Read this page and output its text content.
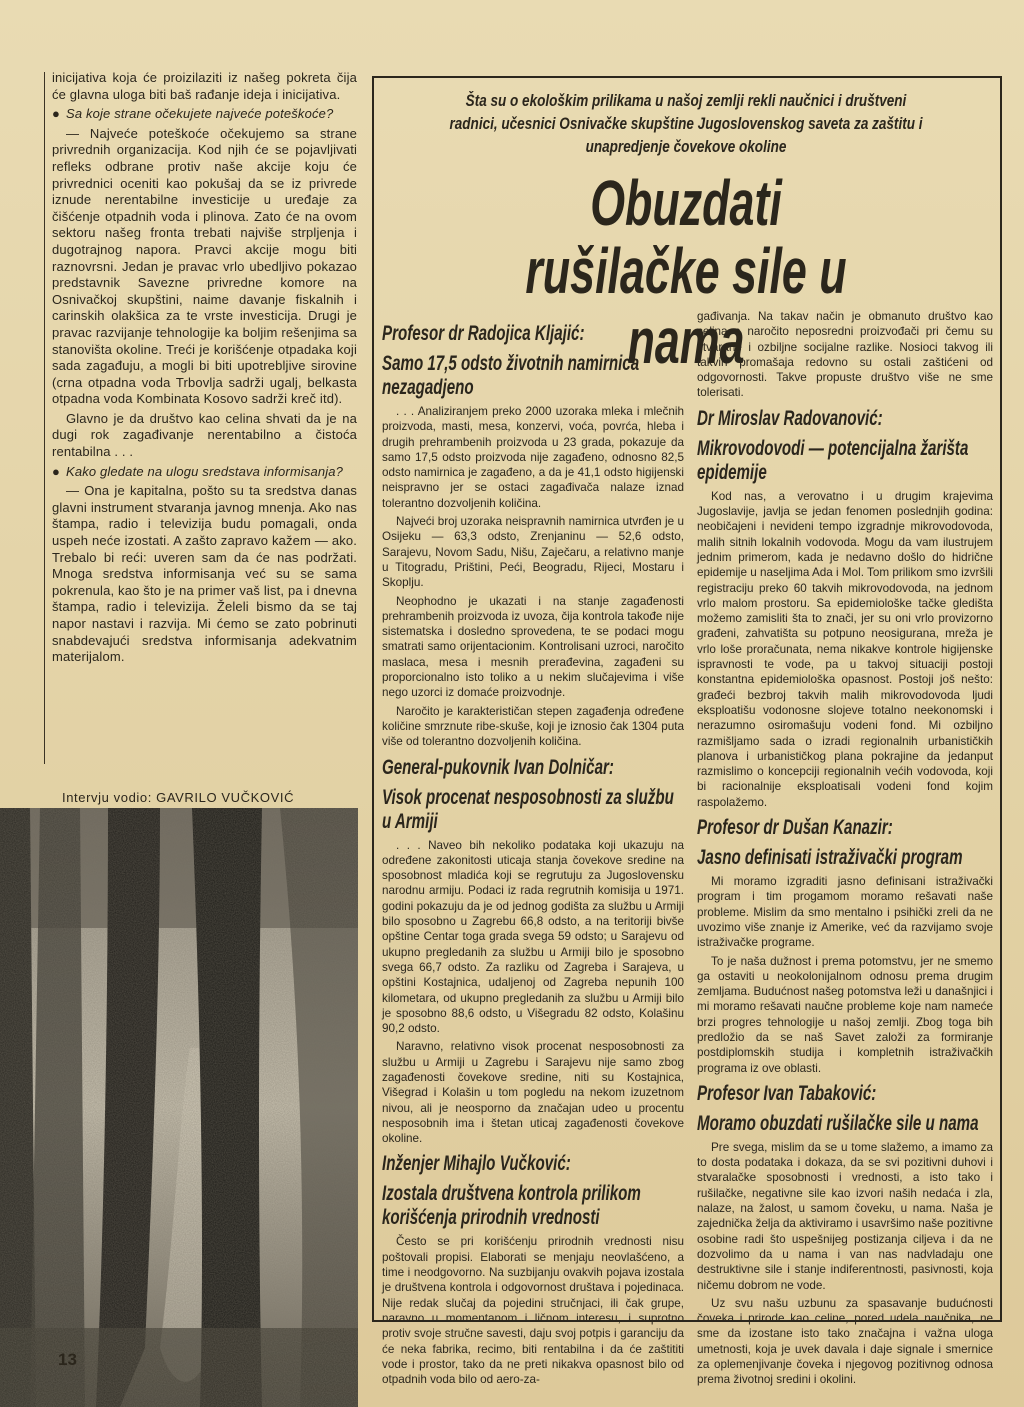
inicijativa koja će proizilaziti iz našeg pokreta čija će glavna uloga biti baš rađanje ideja i inicijativa.

● Sa koje strane očekujete najveće poteškoće?

— Najveće poteškoće očekujemo sa strane privrednih organizacija. Kod njih će se pojavljivati refleks odbrane protiv naše akcije koju će privrednici oceniti kao pokušaj da se iz privrede iznude nerentabilne investicije u uređaje za čišćenje otpadnih voda i plinova. Zato će na ovom sektoru našeg fronta trebati najviše strpljenja i dugotrajnog napora. Pravci akcije mogu biti raznovrsni. Jedan je pravac vrlo ubedljivo pokazao predstavnik Savezne privredne komore na Osnivačkoj skupštini, naime davanje fiskalnih i carinskih olakšica za te vrste investicija. Drugi je pravac razvijanje tehnologije ka boljim rešenjima sa stanovišta okoline. Treći je korišćenje otpadaka koji sada zagađuju, a mogli bi biti upotrebljive sirovine (crna otpadna voda Trbovlja sadrži ugalj, belkasta otpadna voda Kombinata Kosovo sadrži kreč itd).

Glavno je da društvo kao celina shvati da je na dugi rok zagađivanje nerentabilno a čistoća rentabilna . . .

● Kako gledate na ulogu sredstava informisanja?

— Ona je kapitalna, pošto su ta sredstva danas glavni instrument stvaranja javnog mnenja. Ako nas štampa, radio i televizija budu pomagali, onda uspeh neće izostati. A zašto zapravo kažem — ako. Trebalo bi reći: uveren sam da će nas podržati. Mnoga sredstva informisanja već su se sama pokrenula, kao što je na primer vaš list, pa i dnevna štampa, radio i televizija. Želeli bismo da se taj napor nastavi i razvija. Mi ćemo se zato pobrinuti snabdevajući sredstva informisanja adekvatnim materijalom.

Intervju vodio: GAVRILO VUČKOVIĆ
Šta su o ekološkim prilikama u našoj zemlji rekli naučnici i društveni radnici, učesnici Osnivačke skupštine Jugoslovenskog saveta za zaštitu i unapredjenje čovekove okoline
Obuzdati
rušilačke sile u nama
Profesor dr Radojica Kljajić:
Samo 17,5 odsto životnih namirnica nezagadjeno

. . . Analiziranjem preko 2000 uzoraka mleka i mlečnih proizvoda, masti, mesa, konzervi, voća, povrća, hleba i drugih prehrambenih proizvoda u 23 grada, pokazuje da samo 17,5 odsto proizvoda nije zagađeno, odnosno 82,5 odsto namirnica je zagađeno, a da je 41,1 odsto higijenski neispravno jer se ostaci zagađivača nalaze iznad tolerantno dozvoljenih količina.

Najveći broj uzoraka neispravnih namirnica utvrđen je u Osijeku — 63,3 odsto, Zrenjaninu — 52,6 odsto, Sarajevu, Novom Sadu, Nišu, Zaječaru, a relativno manje u Titogradu, Prištini, Peći, Beogradu, Rijeci, Mostaru i Skoplju.

Neophodno je ukazati i na stanje zagađenosti prehrambenih proizvoda iz uvoza, čija kontrola takođe nije sistematska i dosledno sprovedena, te se podaci mogu smatrati samo orijentacionim. Kontrolisani uzroci, naročito maslaca, mesa i mesnih prerađevina, zagađeni su proporcionalno isto toliko a u nekim slučajevima i više nego uzorci iz domaće proizvodnje.

Naročito je karakterističan stepen zagađenja određene količine smrznute ribe-skuše, koji je iznosio čak 1304 puta više od tolerantno dozvoljenih količina.

General-pukovnik Ivan Dolničar:
Visok procenat nesposobnosti za službu u Armiji

. . . Naveo bih nekoliko podataka koji ukazuju na određene zakonitosti uticaja stanja čovekove sredine na sposobnost mladića koji se regrutuju za Jugoslovensku narodnu armiju. Podaci iz rada regrutnih komisija u 1971. godini pokazuju da je od jednog godišta za službu u Armiji bilo sposobno u Zagrebu 66,8 odsto, a na teritoriji bivše opštine Centar toga grada svega 59 odsto; u Sarajevu od ukupno pregledanih za službu u Armiji bilo je sposobno svega 66,7 odsto. Za razliku od Zagreba i Sarajeva, u opštini Kostajnica, udaljenoj od Zagreba nepunih 100 kilometara, od ukupno pregledanih za službu u Armiji bilo je sposobno 88,6 odsto, u Višegradu 82 odsto, Kolašinu 90,2 odsto.

Naravno, relativno visok procenat nesposobnosti za službu u Armiji u Zagrebu i Sarajevu nije samo zbog zagađenosti čovekove sredine, niti su Kostajnica, Višegrad i Kolašin u tom pogledu na nekom izuzetnom nivou, ali je neosporno da značajan udeo u procentu nesposobnih ima i štetan uticaj zagađenosti čovekove okoline.

Inženjer Mihajlo Vučković:
Izostala društvena kontrola prilikom korišćenja prirodnih vrednosti

Često se pri korišćenju prirodnih vrednosti nisu poštovali propisi. Elaborati se menjaju neovlašćeno, a time i neodgovorno. Na suzbijanju ovakvih pojava izostala je društvena kontrola i odgovornost društava i pojedinaca. Nije redak slučaj da pojedini stručnjaci, ili čak grupe, naravno u momentanom i ličnom interesu, i suprotno protiv svoje stručne savesti, daju svoj potpis i garanciju da će neka fabrika, recimo, biti rentabilna i da će zaštititi vode i prostor, tako da ne preti nikakva opasnost bilo od otpadnih voda bilo od aero-za-

gađivanja. Na takav način je obmanuto društvo kao celina a naročito neposredni proizvođači pri čemu su stvarane i ozbiljne socijalne razlike. Nosioci takvog ili takvih promašaja redovno su ostali zaštićeni od odgovornosti. Takve propuste društvo više ne sme tolerisati.

Dr Miroslav Radovanović:
Mikrovodovodi — potencijalna žarišta epidemije

Kod nas, a verovatno i u drugim krajevima Jugoslavije, javlja se jedan fenomen poslednjih godina: neobičajeni i nevideni tempo izgradnje mikrovodovoda, malih sitnih lokalnih vodovoda. Mogu da vam ilustrujem jednim primerom, kada je nedavno došlo do hidrične epidemije u naseljima Ada i Mol. Tom prilikom smo izvršili registraciju preko 60 takvih mikrovodovoda, na jednom vrlo malom prostoru. Sa epidemiološke tačke gledišta možemo zamisliti šta to znači, jer su oni vrlo provizorno građeni, zahvatišta su potpuno neosigurana, mreža je vrlo loše proračunata, nema nikakve kontrole higijenske ispravnosti te vode, pa u takvoj situaciji postoji konstantna epidemiološka opasnost. Postoji još nešto: građeći bezbroj takvih malih mikrovodovoda ljudi eksploatišu vodonosne slojeve totalno neekonomski i nerazumno osiromašuju vodeni fond. Mi ozbiljno razmišljamo sada o izradi regionalnih urbanističkih planova i urbanističkog plana pokrajine da jedanput razmislimo o koncepciji regionalnih većih vodovoda, koji bi racionalnije eksploatisali vodeni fond kojim raspolažemo.

Profesor dr Dušan Kanazir:
Jasno definisati istraživački program

Mi moramo izgraditi jasno definisani istraživački program i tim progamom moramo rešavati naše probleme. Mislim da smo mentalno i psihički zreli da ne uvozimo više znanje iz Amerike, već da razvijamo svoje istraživačke programe.

To je naša dužnost i prema potomstvu, jer ne smemo ga ostaviti u neokolonijalnom odnosu prema drugim zemljama. Budućnost našeg potomstva leži u današnjici i mi moramo rešavati naučne probleme koje nam nameće brzi progres tehnologije u našoj zemlji. Zbog toga bih predložio da se naš Savet založi za formiranje postdiplomskih studija i kompletnih istraživačkih programa iz ove oblasti.

Profesor Ivan Tabaković:
Moramo obuzdati rušilačke sile u nama

Pre svega, mislim da se u tome slažemo, a imamo za to dosta podataka i dokaza, da se svi pozitivni duhovi i stvaralačke sposobnosti i vrednosti, a isto tako i rušilačke, negativne sile kao izvori naših nedaća i zla, nalaze, na žalost, u samom čoveku, u nama. Naša je zajednička želja da aktiviramo i usavršimo naše pozitivne osobine radi što uspešnijeg postizanja ciljeva i da ne dozvolimo da u nama i van nas nadvladaju one destruktivne sile i stanje indiferentnosti, pasivnosti, koja ničemu dobrom ne vode.

Uz svu našu uzbunu za spasavanje budućnosti čoveka i prirode kao celine, pored udela naučnika, ne sme da izostane isto tako značajna i važna uloga umetnosti, koja je uvek davala i daje signale i smernice za oplemenjivanje čoveka i njegovog pozitivnog odnosa prema životnoj sredini i okolini.

13
